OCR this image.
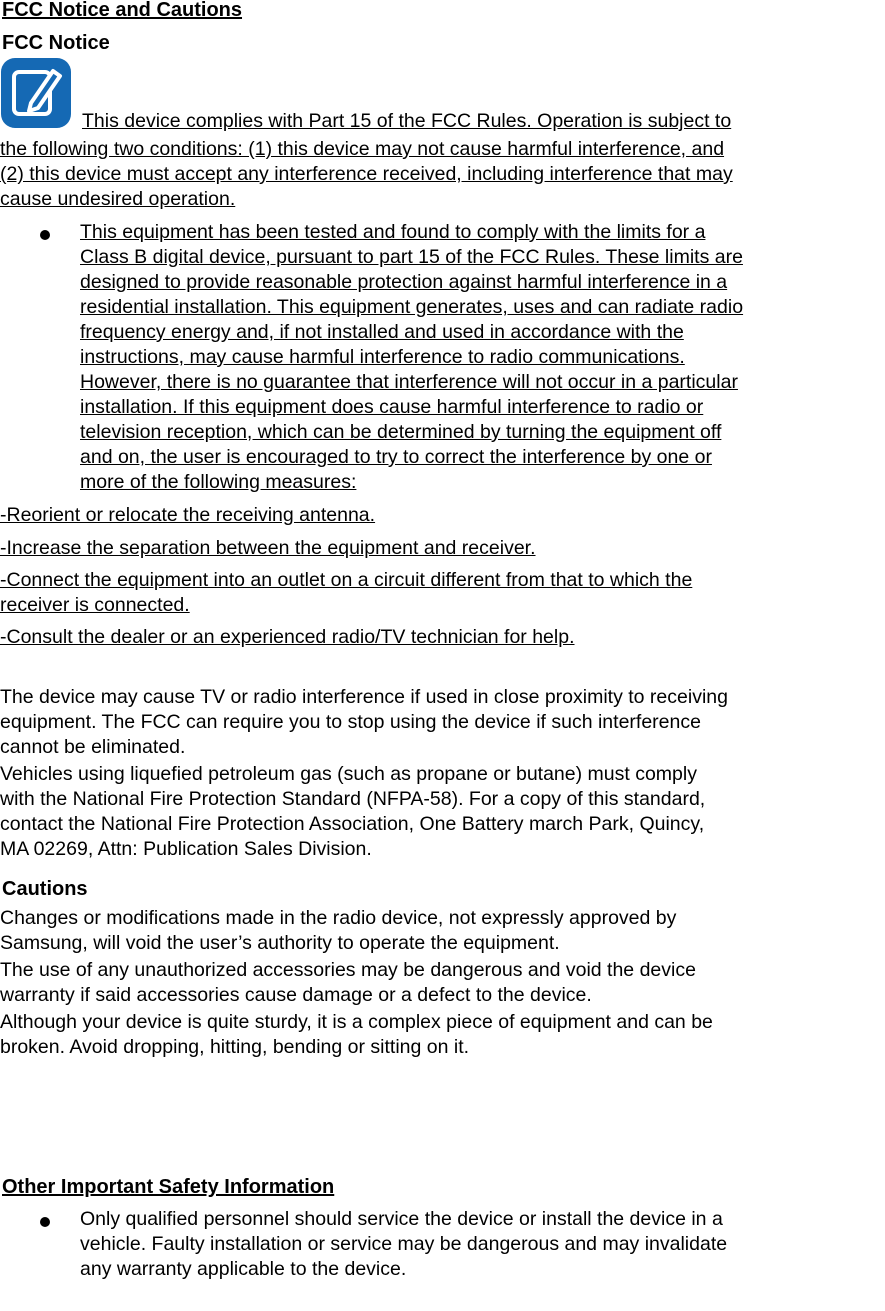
FCC Notice and Cautions
FCC Notice
This device complies with Part 15 of the FCC Rules. Operation is subject to
the following two conditions: (1) this device may not cause harmful interference, and
(2) this device must accept any interference received, including interference that may
cause undesired operation.
This equipment has been tested and found to comply with the limits for a
Class B digital device, pursuant to part 15 of the FCC Rules. These limits are
designed to provide reasonable protection against harmful interference in a
residential installation. This equipment generates, uses and can radiate radio
frequency energy and, if not installed and used in accordance with the
instructions, may cause harmful interference to radio communications.
However, there is no guarantee that interference will not occur in a particular
installation. If this equipment does cause harmful interference to radio or
television reception, which can be determined by turning the equipment off
and on, the user is encouraged to try to correct the interference by one or
more of the following measures:
-Reorient or relocate the receiving antenna.
-Increase the separation between the equipment and receiver.
-Connect the equipment into an outlet on a circuit different from that to which the
receiver is connected.
-Consult the dealer or an experienced radio/TV technician for help.
The device may cause TV or radio interference if used in close proximity to receiving
equipment. The FCC can require you to stop using the device if such interference
cannot be eliminated.
Vehicles using liquefied petroleum gas (such as propane or butane) must comply
with the National Fire Protection Standard (NFPA-58). For a copy of this standard,
contact the National Fire Protection Association, One Battery march Park, Quincy,
MA 02269, Attn: Publication Sales Division.
Cautions
Changes or modifications made in the radio device, not expressly approved by
Samsung, will void the user’s authority to operate the equipment.
The use of any unauthorized accessories may be dangerous and void the device
warranty if said accessories cause damage or a defect to the device.
Although your device is quite sturdy, it is a complex piece of equipment and can be
broken. Avoid dropping, hitting, bending or sitting on it.
Other Important Safety Information
Only qualified personnel should service the device or install the device in a
vehicle. Faulty installation or service may be dangerous and may invalidate
any warranty applicable to the device.
